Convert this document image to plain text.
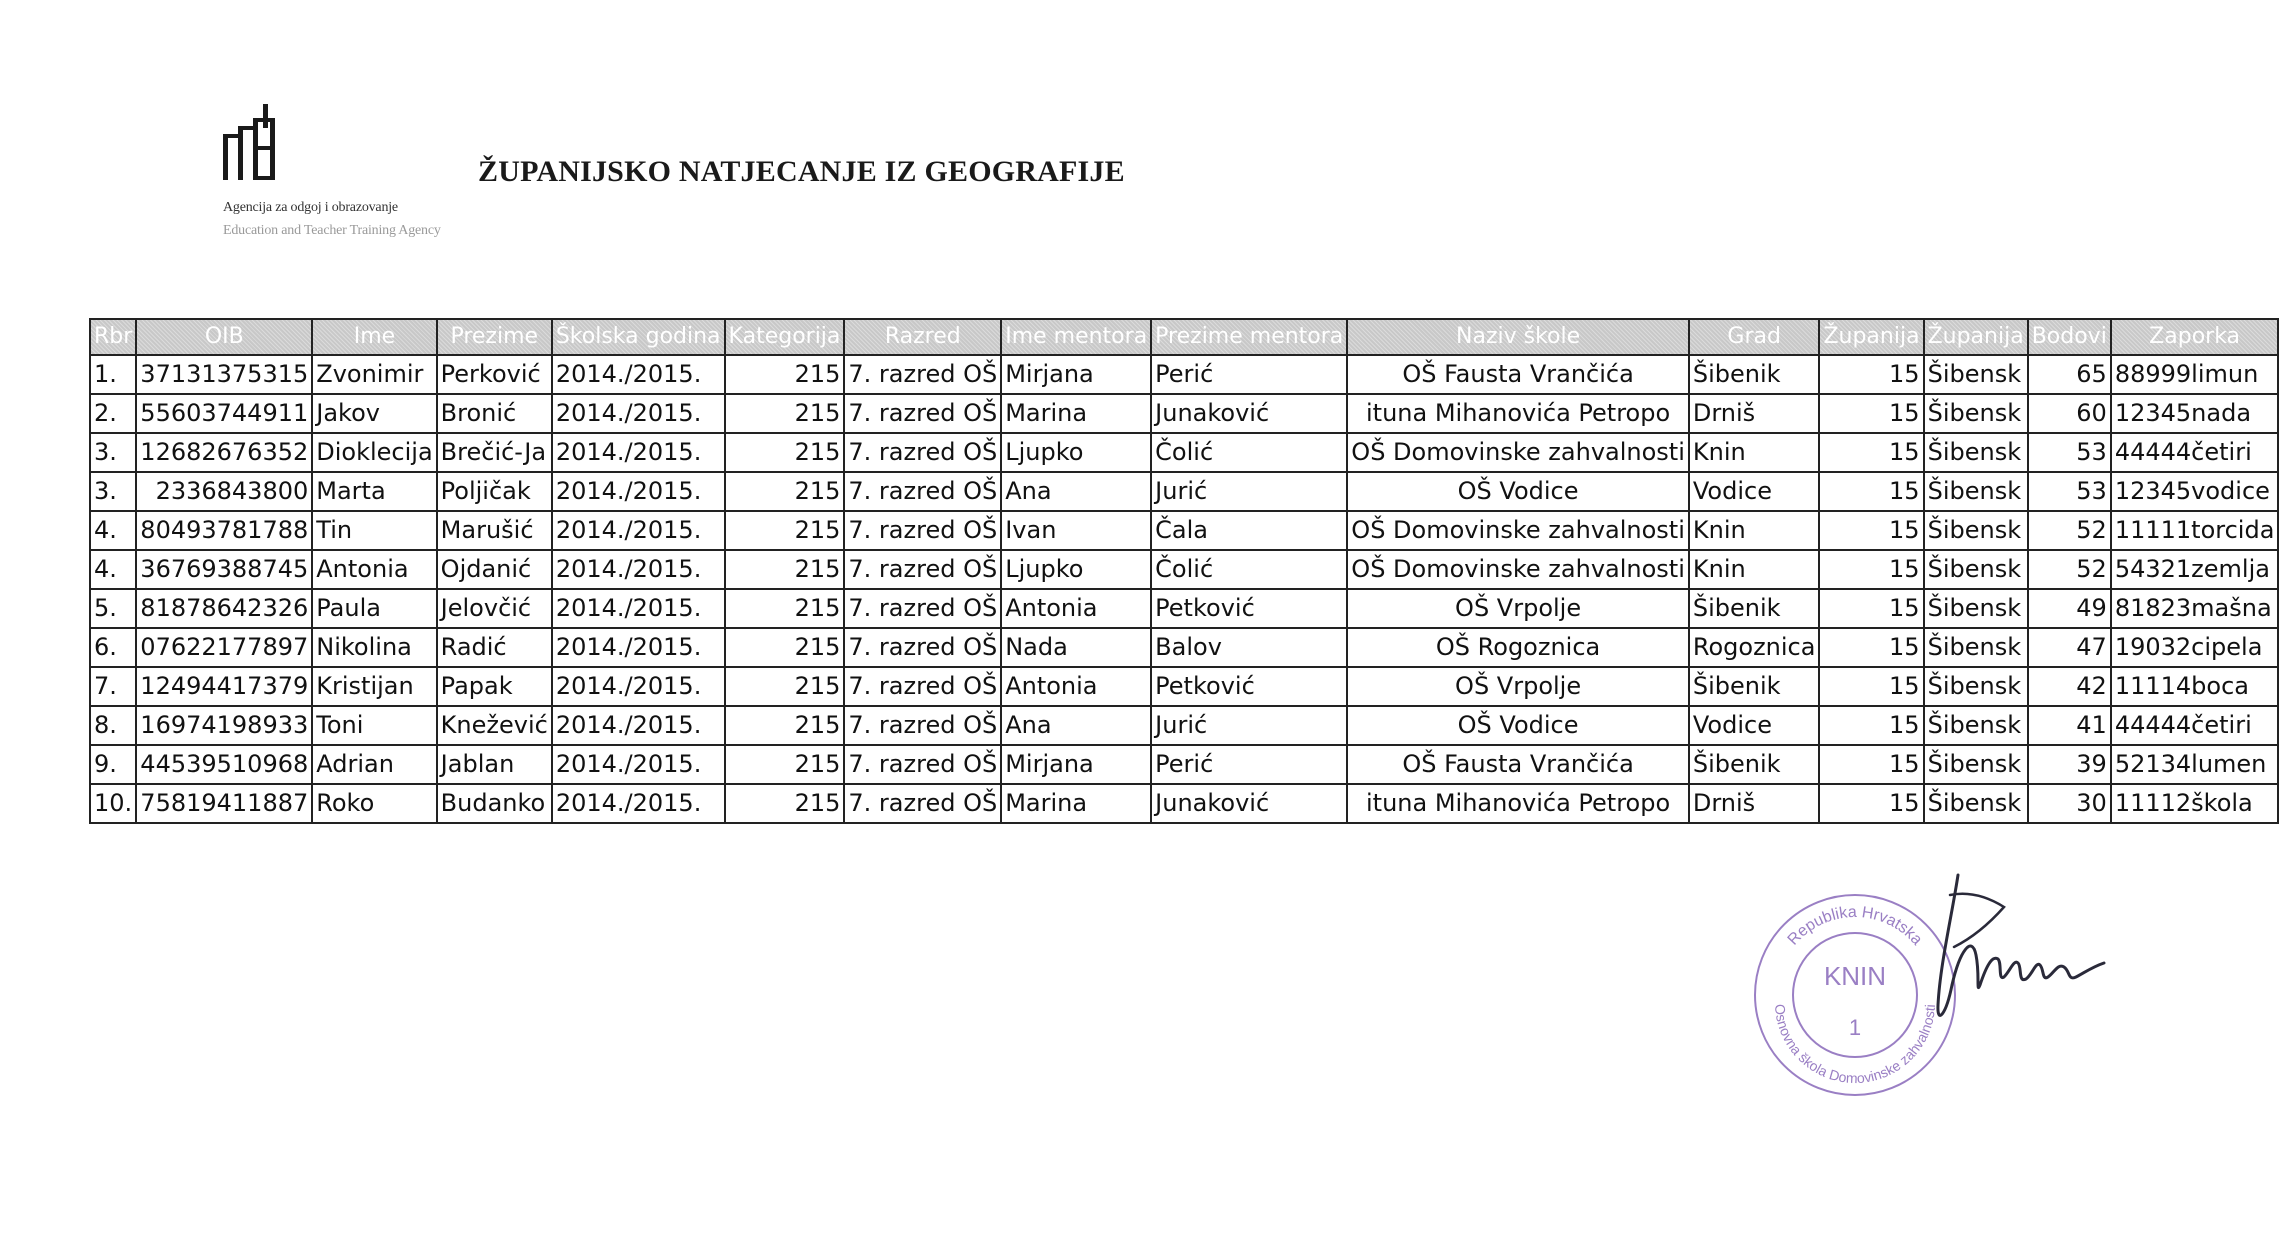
Agencija za odgoj i obrazovanje
Education and Teacher Training Agency
ŽUPANIJSKO NATJECANJE IZ GEOGRAFIJE
Rbr	OIB	Ime	Prezime	Školska godina	Kategorija	Razred	Ime mentora	Prezime mentora	Naziv škole	Grad	Županija	Županija	Bodovi	Zaporka
1.	37131375315	Zvonimir	Perković	2014./2015.	215	7. razred OŠ	Mirjana	Perić	OŠ Fausta Vrančića	Šibenik	15	Šibensk	65	88999limun
2.	55603744911	Jakov	Bronić	2014./2015.	215	7. razred OŠ	Marina	Junaković	ituna Mihanovića Petropo	Drniš	15	Šibensk	60	12345nada
3.	12682676352	Dioklecija	Brečić-Ja	2014./2015.	215	7. razred OŠ	Ljupko	Čolić	OŠ Domovinske zahvalnosti	Knin	15	Šibensk	53	44444četiri
3.	2336843800	Marta	Poljičak	2014./2015.	215	7. razred OŠ	Ana	Jurić	OŠ Vodice	Vodice	15	Šibensk	53	12345vodice
4.	80493781788	Tin	Marušić	2014./2015.	215	7. razred OŠ	Ivan	Čala	OŠ Domovinske zahvalnosti	Knin	15	Šibensk	52	11111torcida
4.	36769388745	Antonia	Ojdanić	2014./2015.	215	7. razred OŠ	Ljupko	Čolić	OŠ Domovinske zahvalnosti	Knin	15	Šibensk	52	54321zemlja
5.	81878642326	Paula	Jelovčić	2014./2015.	215	7. razred OŠ	Antonia	Petković	OŠ Vrpolje	Šibenik	15	Šibensk	49	81823mašna
6.	07622177897	Nikolina	Radić	2014./2015.	215	7. razred OŠ	Nada	Balov	OŠ Rogoznica	Rogoznica	15	Šibensk	47	19032cipela
7.	12494417379	Kristijan	Papak	2014./2015.	215	7. razred OŠ	Antonia	Petković	OŠ Vrpolje	Šibenik	15	Šibensk	42	11114boca
8.	16974198933	Toni	Knežević	2014./2015.	215	7. razred OŠ	Ana	Jurić	OŠ Vodice	Vodice	15	Šibensk	41	44444četiri
9.	44539510968	Adrian	Jablan	2014./2015.	215	7. razred OŠ	Mirjana	Perić	OŠ Fausta Vrančića	Šibenik	15	Šibensk	39	52134lumen
10.	75819411887	Roko	Budanko	2014./2015.	215	7. razred OŠ	Marina	Junaković	ituna Mihanovića Petropo	Drniš	15	Šibensk	30	11112škola
Republika Hrvatska
Osnovna škola Domovinske zahvalnosti
KNIN
1
